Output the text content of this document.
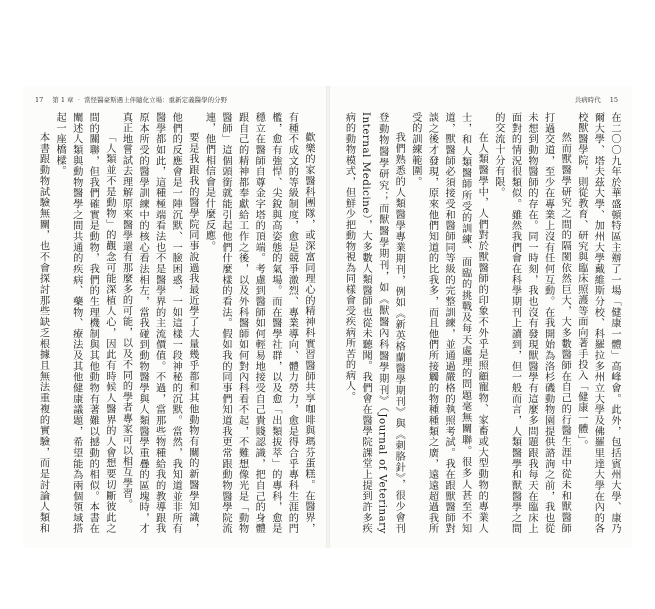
17 第 1 章 ‧ 當怪醫豪斯遇上伴隨化立場：重新定義醫學的分野

歡樂的家醫科團隊，或深富同理心的精神科實習醫師共享咖啡與瑪芬蛋糕。在醫界，有種不成文的等級制度，愈是競爭激烈、專業導向、體力勞力，愈是得合乎專科生涯的門檻，愈有強悍、尖銳與高姿態的氣場。而在醫學社群，以及愈「出類拔萃」的專科，愈是穩立在醫師自尊金字塔的頂端。考慮到醫師如何輕易地接受自己貴賤認識，把自己的身體跟自己的精神都奉獻給工作之後，以及外科醫師如何對內科看不起，不難想像光是「動物醫師」這個頭銜就能引起他們什麼樣的看法。假如我的同事們知道我更常跟動物醫學院流連，他們相信會是什麼反應。

要是我跟我的醫學院同事說過我最近學了大量幾乎都和其他動物有關的新醫學知識，他們的反應會是一陣沉默、一臉困惑，一如這樣一段神秘的沉默。當然，我知道並非所有醫學都如此，這種極端看法也不是醫學界的主流價值。不過，當那些物種給我的教導跟我原本所受的醫學訓練中的核心看法相左，當我碰到動物醫學與人類醫學重疊的區塊時，才真正地嘗試去理解原來醫學還有那麼多的可能，以及不同的學者專家可以相互學習。

「人類並不是動物」的觀念可能深植人心，因此有時候人醫界的人會想要切斷彼此之間的關聯，但我們確實是動物，我們的生理機制與其他動物有著難以撼動的相似。本書在闡述人類與動物醫學之間共通的疾病、藥物、療法及其他健康議題，希望能為兩個領域搭起一座橋樑。

本書跟動物試驗無關，也不會探討那些缺乏根據且無法重複的實驗，而是討論人類和

共病時代 15

在二〇〇九年於華盛頓特區主辦了一場「健康一體」高峰會。此外，包括賓州大學、康乃爾大學、塔夫茲大學、加州大學戴維斯分校、科羅拉多州立大學及佛羅里達大學在內的各校獸醫學院，則從教育、研究與臨床照護等面向著手投入「健康一體」。

然而獸醫學研究之間的隔閡依然巨大，大多數醫師在自己的行醫生涯中從未和獸醫師打過交道，至少在專業上沒有任何互動。在我開始為洛杉磯動物園提供諮詢之前，我也從未想到動物醫師的存在。同一時刻，我也沒有發現獸醫學有這麼多問題跟我每天在臨床上面對的情況很類似。雖然我們會在科學期刊上讀到，但一般而言，人類醫學和獸醫學之間的交流十分有限。

在人類醫學中，人們對於獸醫師的印象不外乎是照顧寵物、家畜或大型動物的專業人士，和人類醫師所受的訓練、面臨的挑戰及每天處理的問題毫無關聯。很多人甚至不知道，獸醫師必須接受和醫師同等級的完整訓練，並通過嚴格的執照考試。我在跟獸醫師對談之後才發現，原來他們知道的比我多，而且他們所接觸的物種種類之廣，遠遠超過我所受的訓練範圍。

我們熟悉的人類醫學專業期刊，例如《新英格蘭醫學期刊》與《刺胳針》，很少會刊登動物醫學研究；而獸醫學期刊，如《獸醫內科醫學期刊》（Journal of Veterinary Internal Medicine），大多數人類醫師也從未聽聞。我們會在醫學院課堂上提到許多疾病的動物模式，但鮮少把動物視為同樣會受疾病所苦的病人。
